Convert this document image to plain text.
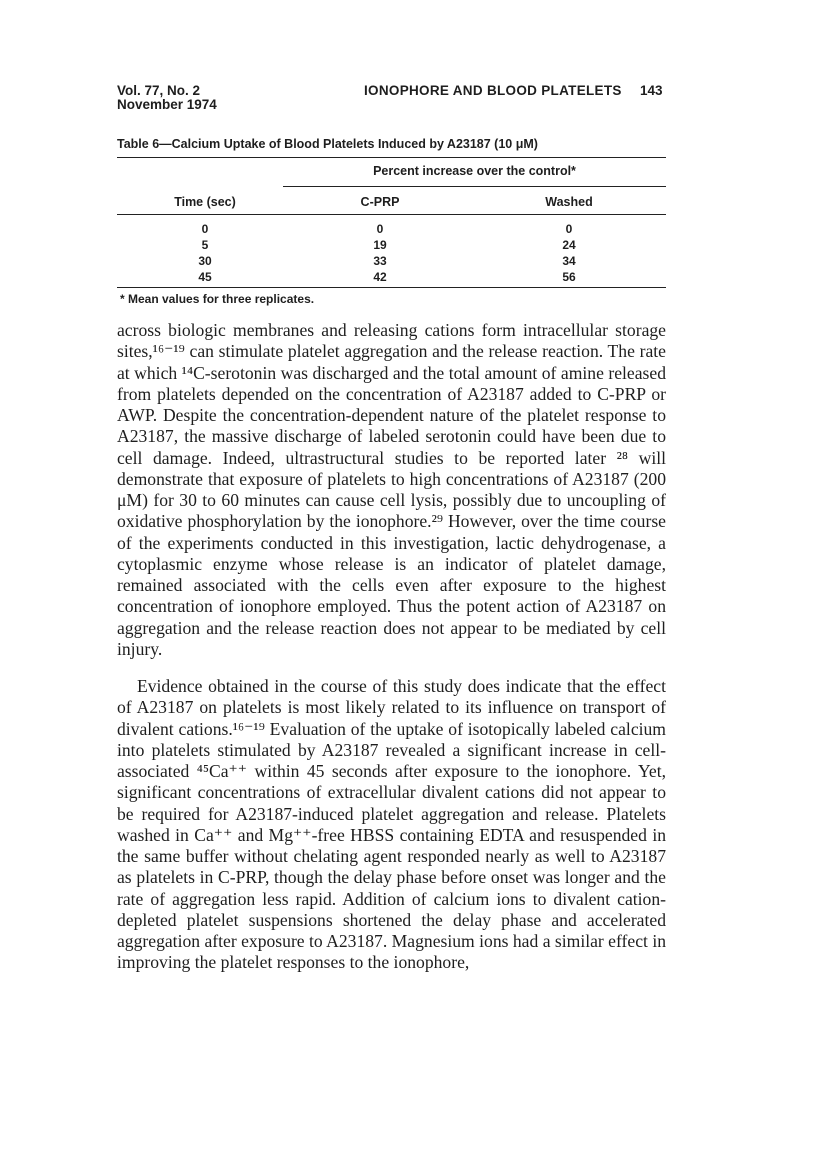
Vol. 77, No. 2
November 1974
IONOPHORE AND BLOOD PLATELETS 143
Table 6—Calcium Uptake of Blood Platelets Induced by A23187 (10 μM)
Percent increase over the control*
Time (sec)	C-PRP	Washed
0	0	0
5	19	24
30	33	34
45	42	56
* Mean values for three replicates.

across biologic membranes and releasing cations form intracellular storage sites,¹⁶⁻¹⁹ can stimulate platelet aggregation and the release reaction. The rate at which ¹⁴C-serotonin was discharged and the total amount of amine released from platelets depended on the concentration of A23187 added to C-PRP or AWP. Despite the concentration-dependent nature of the platelet response to A23187, the massive discharge of labeled serotonin could have been due to cell damage. Indeed, ultrastructural studies to be reported later ²⁸ will demonstrate that exposure of platelets to high concentrations of A23187 (200 μM) for 30 to 60 minutes can cause cell lysis, possibly due to uncoupling of oxidative phosphorylation by the ionophore.²⁹ However, over the time course of the experiments conducted in this investigation, lactic dehydrogenase, a cytoplasmic enzyme whose release is an indicator of platelet damage, remained associated with the cells even after exposure to the highest concentration of ionophore employed. Thus the potent action of A23187 on aggregation and the release reaction does not appear to be mediated by cell injury.

Evidence obtained in the course of this study does indicate that the effect of A23187 on platelets is most likely related to its influence on transport of divalent cations.¹⁶⁻¹⁹ Evaluation of the uptake of isotopically labeled calcium into platelets stimulated by A23187 revealed a significant increase in cell-associated ⁴⁵Ca⁺⁺ within 45 seconds after exposure to the ionophore. Yet, significant concentrations of extracellular divalent cations did not appear to be required for A23187-induced platelet aggregation and release. Platelets washed in Ca⁺⁺ and Mg⁺⁺-free HBSS containing EDTA and resuspended in the same buffer without chelating agent responded nearly as well to A23187 as platelets in C-PRP, though the delay phase before onset was longer and the rate of aggregation less rapid. Addition of calcium ions to divalent cation-depleted platelet suspensions shortened the delay phase and accelerated aggregation after exposure to A23187. Magnesium ions had a similar effect in improving the platelet responses to the ionophore,
